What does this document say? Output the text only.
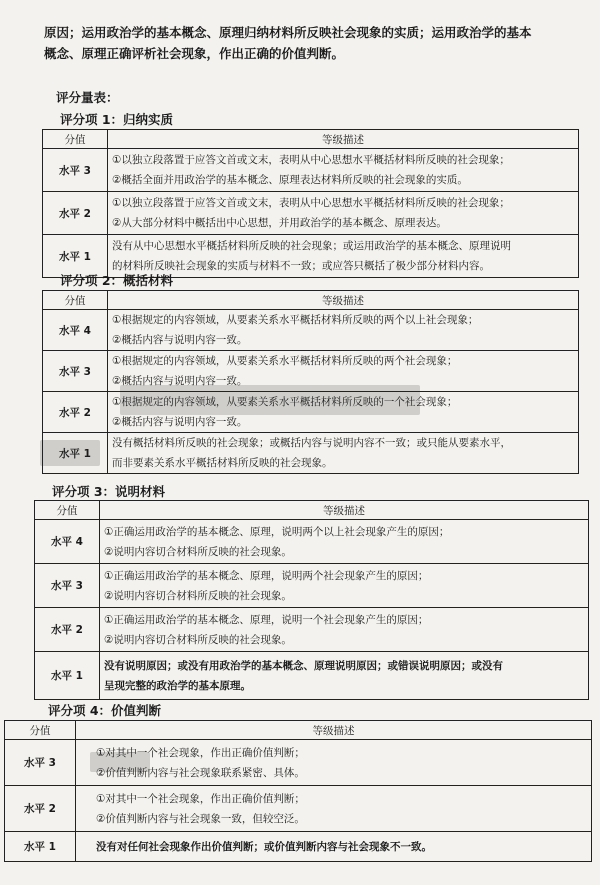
原因；运用政治学的基本概念、原理归纳材料所反映社会现象的实质；运用政治学的基本
概念、原理正确评析社会现象，作出正确的价值判断。
评分量表：
评分项 1：归纳实质
分值	等级描述
水平 3	①以独立段落置于应答文首或文末，表明从中心思想水平概括材料所反映的社会现象；
②概括全面并用政治学的基本概念、原理表达材料所反映的社会现象的实质。

水平 2	①以独立段落置于应答文首或文末，表明从中心思想水平概括材料所反映的社会现象；
②从大部分材料中概括出中心思想，并用政治学的基本概念、原理表达。

水平 1	没有从中心思想水平概括材料所反映的社会现象；或运用政治学的基本概念、原理说明
的材料所反映社会现象的实质与材料不一致；或应答只概括了极少部分材料内容。
评分项 2：概括材料
分值	等级描述
水平 4	①根据规定的内容领域，从要素关系水平概括材料所反映的两个以上社会现象；
②概括内容与说明内容一致。

水平 3	①根据规定的内容领域，从要素关系水平概括材料所反映的两个社会现象；
②概括内容与说明内容一致。

水平 2	①根据规定的内容领域，从要素关系水平概括材料所反映的一个社会现象；
②概括内容与说明内容一致。

水平 1	没有概括材料所反映的社会现象；或概括内容与说明内容不一致；或只能从要素水平，
而非要素关系水平概括材料所反映的社会现象。
评分项 3：说明材料
分值	等级描述
水平 4	①正确运用政治学的基本概念、原理，说明两个以上社会现象产生的原因；
②说明内容切合材料所反映的社会现象。

水平 3	①正确运用政治学的基本概念、原理，说明两个社会现象产生的原因；
②说明内容切合材料所反映的社会现象。

水平 2	①正确运用政治学的基本概念、原理，说明一个社会现象产生的原因；
②说明内容切合材料所反映的社会现象。

水平 1	没有说明原因；或没有用政治学的基本概念、原理说明原因；或错误说明原因；或没有
呈现完整的政治学的基本原理。
评分项 4：价值判断
分值	等级描述
水平 3	①对其中一个社会现象，作出正确价值判断；
②价值判断内容与社会现象联系紧密、具体。

水平 2	①对其中一个社会现象，作出正确价值判断；
②价值判断内容与社会现象一致，但较空泛。

水平 1	没有对任何社会现象作出价值判断；或价值判断内容与社会现象不一致。
